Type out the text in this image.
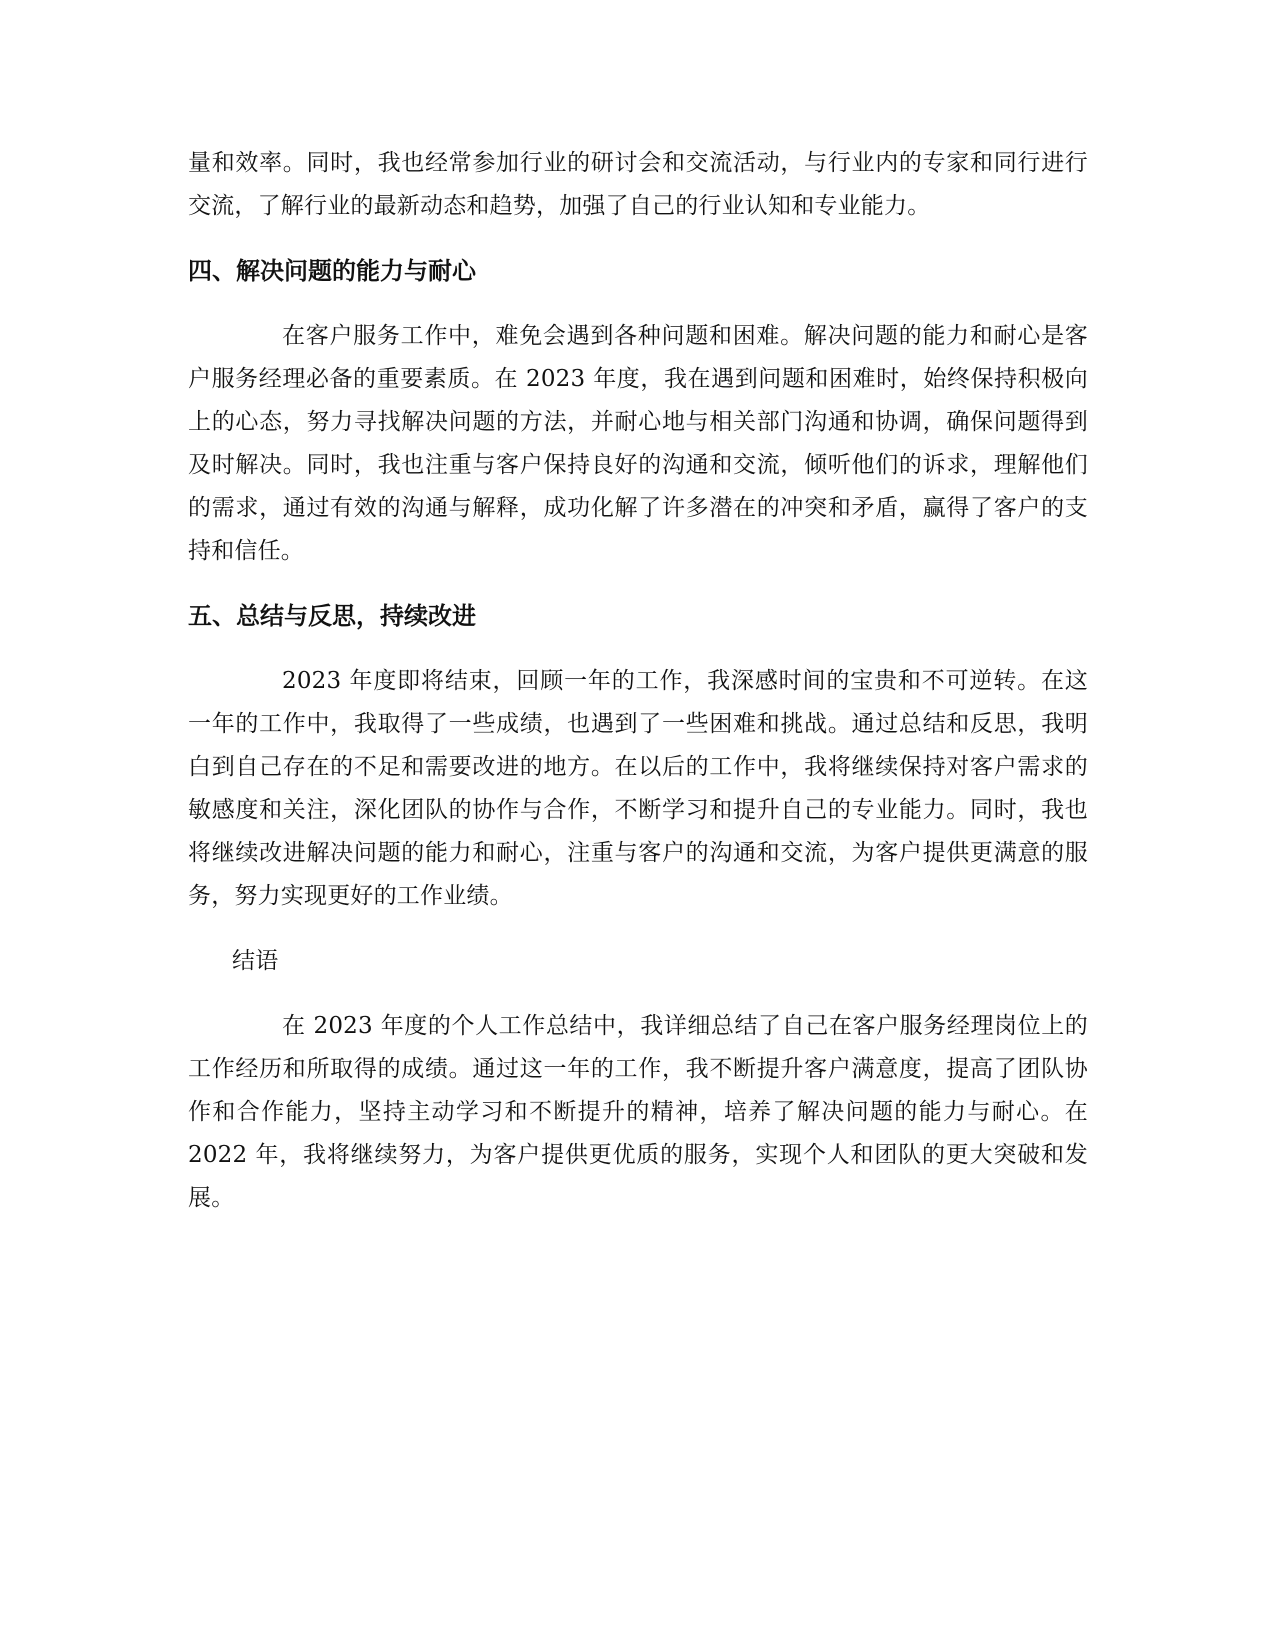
量和效率。同时，我也经常参加行业的研讨会和交流活动，与行业内的专家和同行进行交流，了解行业的最新动态和趋势，加强了自己的行业认知和专业能力。

四、解决问题的能力与耐心

在客户服务工作中，难免会遇到各种问题和困难。解决问题的能力和耐心是客户服务经理必备的重要素质。在 2023 年度，我在遇到问题和困难时，始终保持积极向上的心态，努力寻找解决问题的方法，并耐心地与相关部门沟通和协调，确保问题得到及时解决。同时，我也注重与客户保持良好的沟通和交流，倾听他们的诉求，理解他们的需求，通过有效的沟通与解释，成功化解了许多潜在的冲突和矛盾，赢得了客户的支持和信任。

五、总结与反思，持续改进

2023 年度即将结束，回顾一年的工作，我深感时间的宝贵和不可逆转。在这一年的工作中，我取得了一些成绩，也遇到了一些困难和挑战。通过总结和反思，我明白到自己存在的不足和需要改进的地方。在以后的工作中，我将继续保持对客户需求的敏感度和关注，深化团队的协作与合作，不断学习和提升自己的专业能力。同时，我也将继续改进解决问题的能力和耐心，注重与客户的沟通和交流，为客户提供更满意的服务，努力实现更好的工作业绩。

结语

在 2023 年度的个人工作总结中，我详细总结了自己在客户服务经理岗位上的工作经历和所取得的成绩。通过这一年的工作，我不断提升客户满意度，提高了团队协作和合作能力，坚持主动学习和不断提升的精神，培养了解决问题的能力与耐心。在 2022 年，我将继续努力，为客户提供更优质的服务，实现个人和团队的更大突破和发展。
